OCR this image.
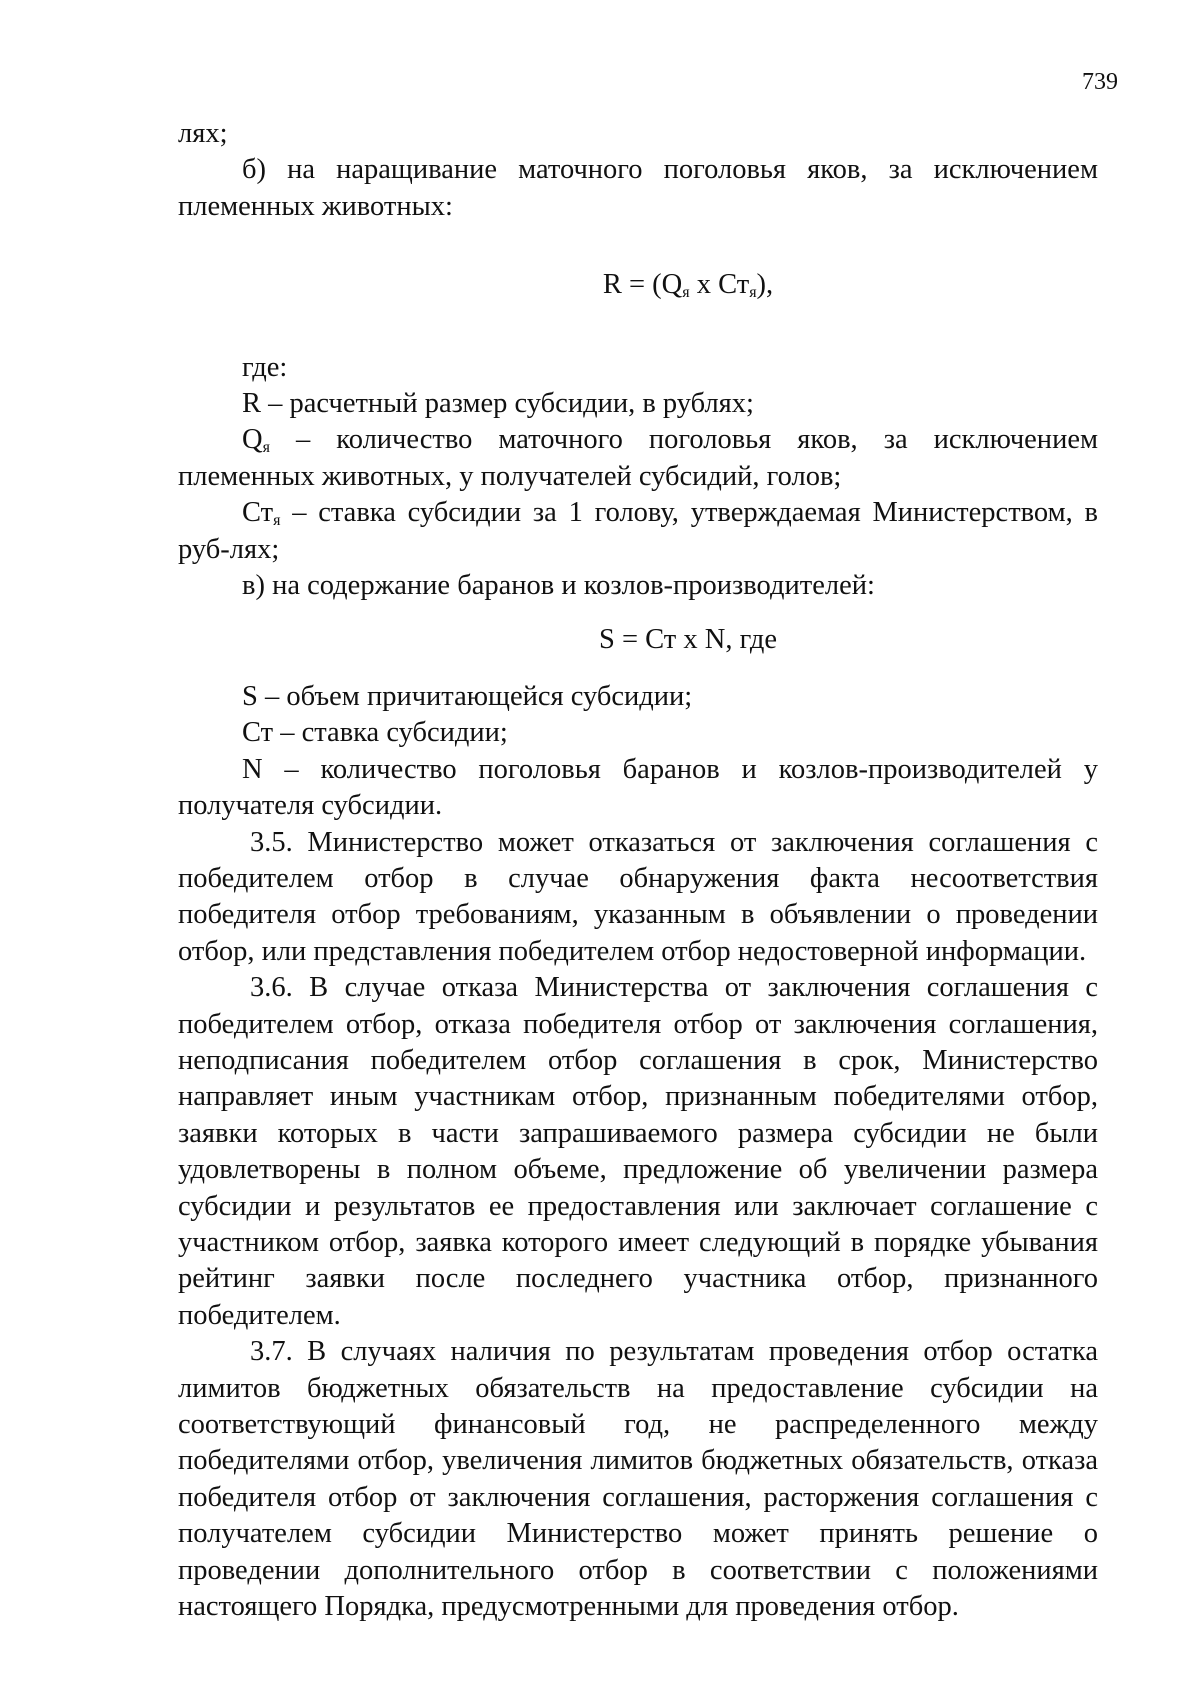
739

лях;

б) на наращивание маточного поголовья яков, за исключением племенных животных:

$R = (Q_я$ х $Ст_я$),

где:

R – расчетный размер субсидии, в рублях;

$Q_я$ – количество маточного поголовья яков, за исключением племенных животных, у получателей субсидий, голов;

$Ст_я$ – ставка субсидии за 1 голову, утверждаемая Министерством, в руб-лях;

в) на содержание баранов и козлов-производителей:

S = Ст х N, где

S – объем причитающейся субсидии;

Ст – ставка субсидии;

N – количество поголовья баранов и козлов-производителей у получателя субсидии.

3.5. Министерство может отказаться от заключения соглашения с победителем отбор в случае обнаружения факта несоответствия победителя отбор требованиям, указанным в объявлении о проведении отбор, или представления победителем отбор недостоверной информации.

3.6. В случае отказа Министерства от заключения соглашения с победителем отбор, отказа победителя отбор от заключения соглашения, неподписания победителем отбор соглашения в срок, Министерство направляет иным участникам отбор, признанным победителями отбор, заявки которых в части запрашиваемого размера субсидии не были удовлетворены в полном объеме, предложение об увеличении размера субсидии и результатов ее предоставления или заключает соглашение с участником отбор, заявка которого имеет следующий в порядке убывания рейтинг заявки после последнего участника отбор, признанного победителем.

3.7. В случаях наличия по результатам проведения отбор остатка лимитов бюджетных обязательств на предоставление субсидии на соответствующий финансовый год, не распределенного между победителями отбор, увеличения лимитов бюджетных обязательств, отказа победителя отбор от заключения соглашения, расторжения соглашения с получателем субсидии Министерство может принять решение о проведении дополнительного отбор в соответствии с положениями настоящего Порядка, предусмотренными для проведения отбор.
